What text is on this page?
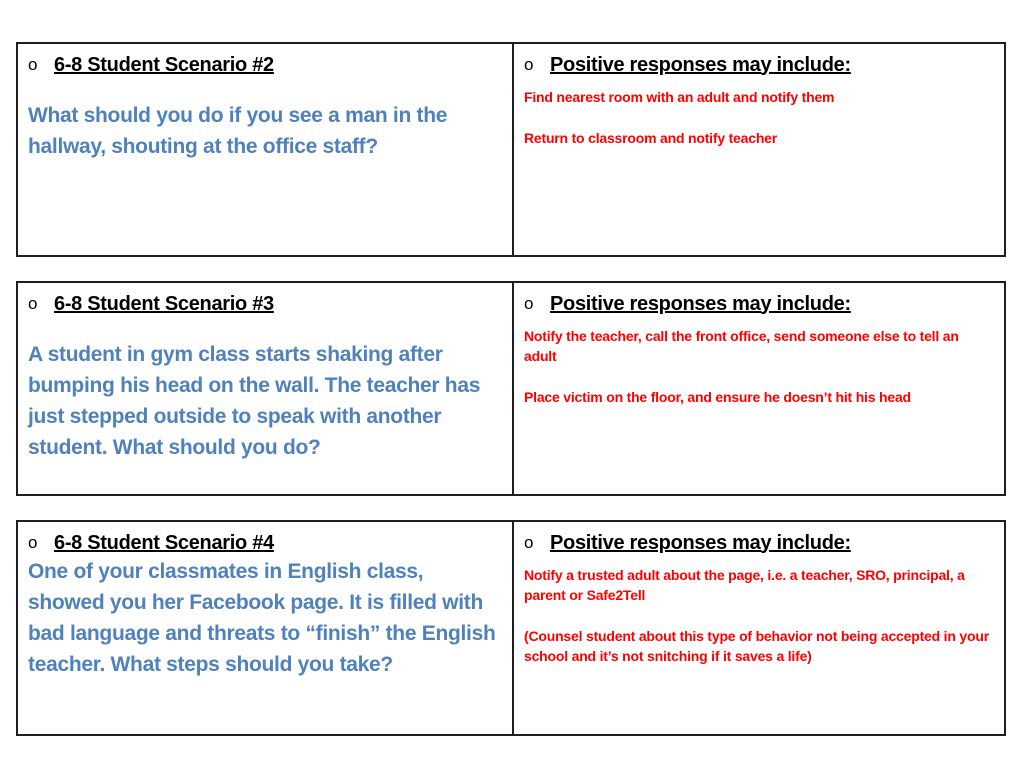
o 6-8 Student Scenario #2

What should you do if you see a man in the hallway, shouting at the office staff?

o Positive responses may include:

Find nearest room with an adult and notify them

Return to classroom and notify teacher

o 6-8 Student Scenario #3

A student in gym class starts shaking after bumping his head on the wall. The teacher has just stepped outside to speak with another student. What should you do?

o Positive responses may include:

Notify the teacher, call the front office, send someone else to tell an adult

Place victim on the floor, and ensure he doesn’t hit his head

o 6-8 Student Scenario #4

One of your classmates in English class, showed you her Facebook page. It is filled with bad language and threats to “finish” the English teacher. What steps should you take?

o Positive responses may include:

Notify a trusted adult about the page, i.e. a teacher, SRO, principal, a parent or Safe2Tell

(Counsel student about this type of behavior not being accepted in your school and it’s not snitching if it saves a life)
